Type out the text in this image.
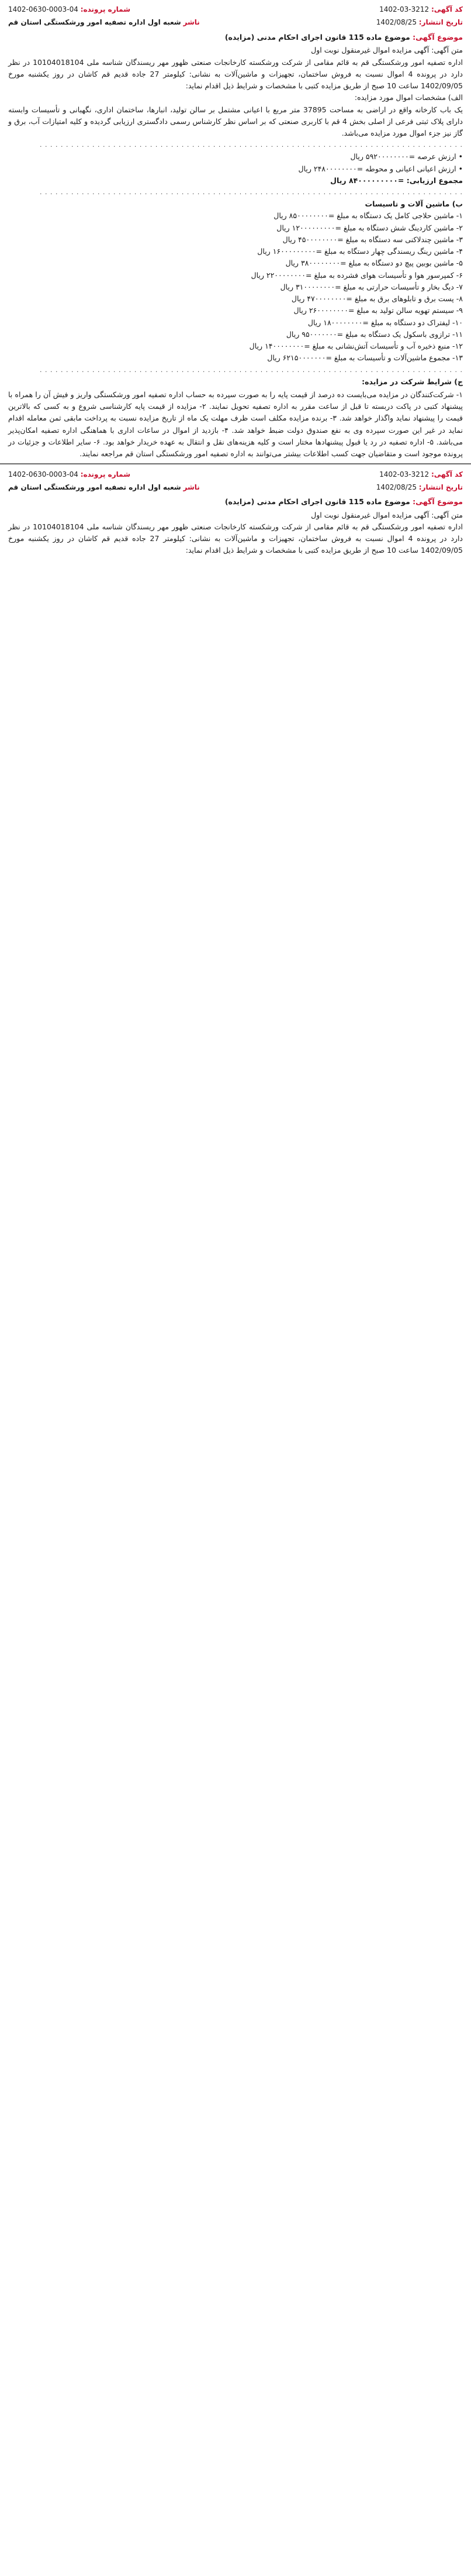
کد آگهی: 1402-03-3212
شماره پرونده: 1402-0630-0003-04
تاریخ انتشار: 1402/08/25
ناشر شعبه اول اداره تصفیه امور ورشکستگی استان قم
موضوع آگهی: موضوع ماده 115 قانون اجرای احکام مدنی (مزایده)
متن آگهی: آگهی مزایده اموال غیرمنقول نوبت اول
اداره تصفیه امور ورشکستگی قم به قائم مقامی از شرکت ورشکسته کارخانجات صنعتی ظهور مهر ریسندگان شناسه ملی 10104018104 در نظر دارد در پرونده 4 اموال نسبت به فروش ساختمان، تجهیزات و ماشین‌آلات به نشانی: کیلومتر 27 جاده قدیم قم کاشان در روز یکشنبه مورخ 1402/09/05 ساعت 10 صبح از طریق مزایده کتبی با مشخصات و شرایط ذیل اقدام نماید:
الف) مشخصات اموال مورد مزایده:
یک باب کارخانه واقع در اراضی به مساحت 37895 متر مربع با اعیانی مشتمل بر سالن تولید، انبارها، ساختمان اداری، نگهبانی و تأسیسات وابسته دارای پلاک ثبتی فرعی از اصلی بخش 4 قم با کاربری صنعتی که بر اساس نظر کارشناس رسمی دادگستری ارزیابی گردیده و کلیه امتیازات آب، برق و گاز نیز جزء اموال مورد مزایده می‌باشد.
. . . . . . . . . . . . . . . . . . . . . . . . . . . . . . . . . . . . . . . . . . . . . . . . . . . . . . . . . . . . . . . . . . . . . . . . . . . . . . . . .
• ارزش عرصه =۵۹۲۰۰۰۰۰۰۰۰ ریال
• ارزش اعیانی اعیانی و محوطه =۲۴۸۰۰۰۰۰۰۰۰ ریال
مجموع ارزیابی: =۸۴۰۰۰۰۰۰۰۰۰ ریال
. . . . . . . . . . . . . . . . . . . . . . . . . . . . . . . . . . . . . . . . . . . . . . . . . . . . . . . . . . . . . . . . . . . . . . . . . . . . . . . . .
ب) ماشین آلات و تاسیسات
۱- ماشین حلاجی کامل یک دستگاه به مبلغ =۸۵۰۰۰۰۰۰۰۰ ریال
۲- ماشین کاردینگ شش دستگاه به مبلغ =۱۲۰۰۰۰۰۰۰۰۰ ریال
۳- ماشین چندلاکنی سه دستگاه به مبلغ =۴۵۰۰۰۰۰۰۰۰ ریال
۴- ماشین رینگ ریسندگی چهار دستگاه به مبلغ =۱۶۰۰۰۰۰۰۰۰۰ ریال
۵- ماشین بوبین پیچ دو دستگاه به مبلغ =۳۸۰۰۰۰۰۰۰۰ ریال
۶- کمپرسور هوا و تأسیسات هوای فشرده به مبلغ =۲۲۰۰۰۰۰۰۰۰ ریال
۷- دیگ بخار و تأسیسات حرارتی به مبلغ =۳۱۰۰۰۰۰۰۰۰ ریال
۸- پست برق و تابلوهای برق به مبلغ =۴۷۰۰۰۰۰۰۰۰ ریال
۹- سیستم تهویه سالن تولید به مبلغ =۲۶۰۰۰۰۰۰۰۰ ریال
۱۰- لیفتراک دو دستگاه به مبلغ =۱۸۰۰۰۰۰۰۰۰ ریال
۱۱- ترازوی باسکول یک دستگاه به مبلغ =۹۵۰۰۰۰۰۰۰ ریال
۱۲- منبع ذخیره آب و تأسیسات آتش‌نشانی به مبلغ =۱۴۰۰۰۰۰۰۰۰ ریال
۱۳- مجموع ماشین‌آلات و تأسیسات به مبلغ =۶۲۱۵۰۰۰۰۰۰۰ ریال
. . . . . . . . . . . . . . . . . . . . . . . . . . . . . . . . . . . . . . . . . . . . . . . . . . . . . . . . . . . . . . . . . . . . . . . . . . . . . . . . .
ج) شرایط شرکت در مزایده:
۱- شرکت‌کنندگان در مزایده می‌بایست ده درصد از قیمت پایه را به صورت سپرده به حساب اداره تصفیه امور ورشکستگی واریز و فیش آن را همراه با پیشنهاد کتبی در پاکت دربسته تا قبل از ساعت مقرر به اداره تصفیه تحویل نمایند. ۲- مزایده از قیمت پایه کارشناسی شروع و به کسی که بالاترین قیمت را پیشنهاد نماید واگذار خواهد شد. ۳- برنده مزایده مکلف است ظرف مهلت یک ماه از تاریخ مزایده نسبت به پرداخت مابقی ثمن معامله اقدام نماید در غیر این صورت سپرده وی به نفع صندوق دولت ضبط خواهد شد. ۴- بازدید از اموال در ساعات اداری با هماهنگی اداره تصفیه امکان‌پذیر می‌باشد. ۵- اداره تصفیه در رد یا قبول پیشنهادها مختار است و کلیه هزینه‌های نقل و انتقال به عهده خریدار خواهد بود. ۶- سایر اطلاعات و جزئیات در پرونده موجود است و متقاضیان جهت کسب اطلاعات بیشتر می‌توانند به اداره تصفیه امور ورشکستگی استان قم مراجعه نمایند.
کد آگهی: 1402-03-3212
شماره پرونده: 1402-0630-0003-04
تاریخ انتشار: 1402/08/25
ناشر شعبه اول اداره تصفیه امور ورشکستگی استان قم
موضوع آگهی: موضوع ماده 115 قانون اجرای احکام مدنی (مزایده)
متن آگهی: آگهی مزایده اموال غیرمنقول نوبت اول
اداره تصفیه امور ورشکستگی قم به قائم مقامی از شرکت ورشکسته کارخانجات صنعتی ظهور مهر ریسندگان شناسه ملی 10104018104 در نظر دارد در پرونده 4 اموال نسبت به فروش ساختمان، تجهیزات و ماشین‌آلات به نشانی: کیلومتر 27 جاده قدیم قم کاشان در روز یکشنبه مورخ 1402/09/05 ساعت 10 صبح از طریق مزایده کتبی با مشخصات و شرایط ذیل اقدام نماید:
